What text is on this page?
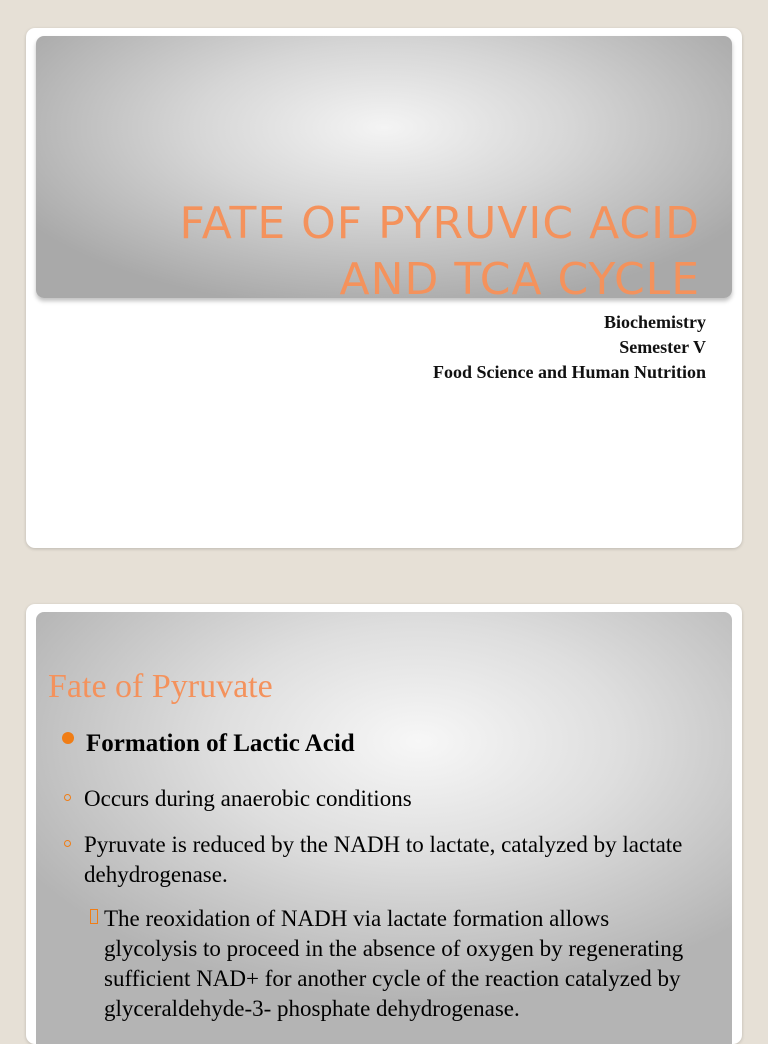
FATE OF PYRUVIC ACID
AND TCA CYCLE
Biochemistry
Semester V
Food Science and Human Nutrition
Fate of Pyruvate
Formation of Lactic Acid
Occurs during anaerobic conditions
Pyruvate is reduced by the NADH to lactate, catalyzed by lactate dehydrogenase.
The reoxidation of NADH via lactate formation allows glycolysis to proceed in the absence of oxygen by regenerating sufficient NAD+ for another cycle of the reaction catalyzed by glyceraldehyde-3- phosphate dehydrogenase.
